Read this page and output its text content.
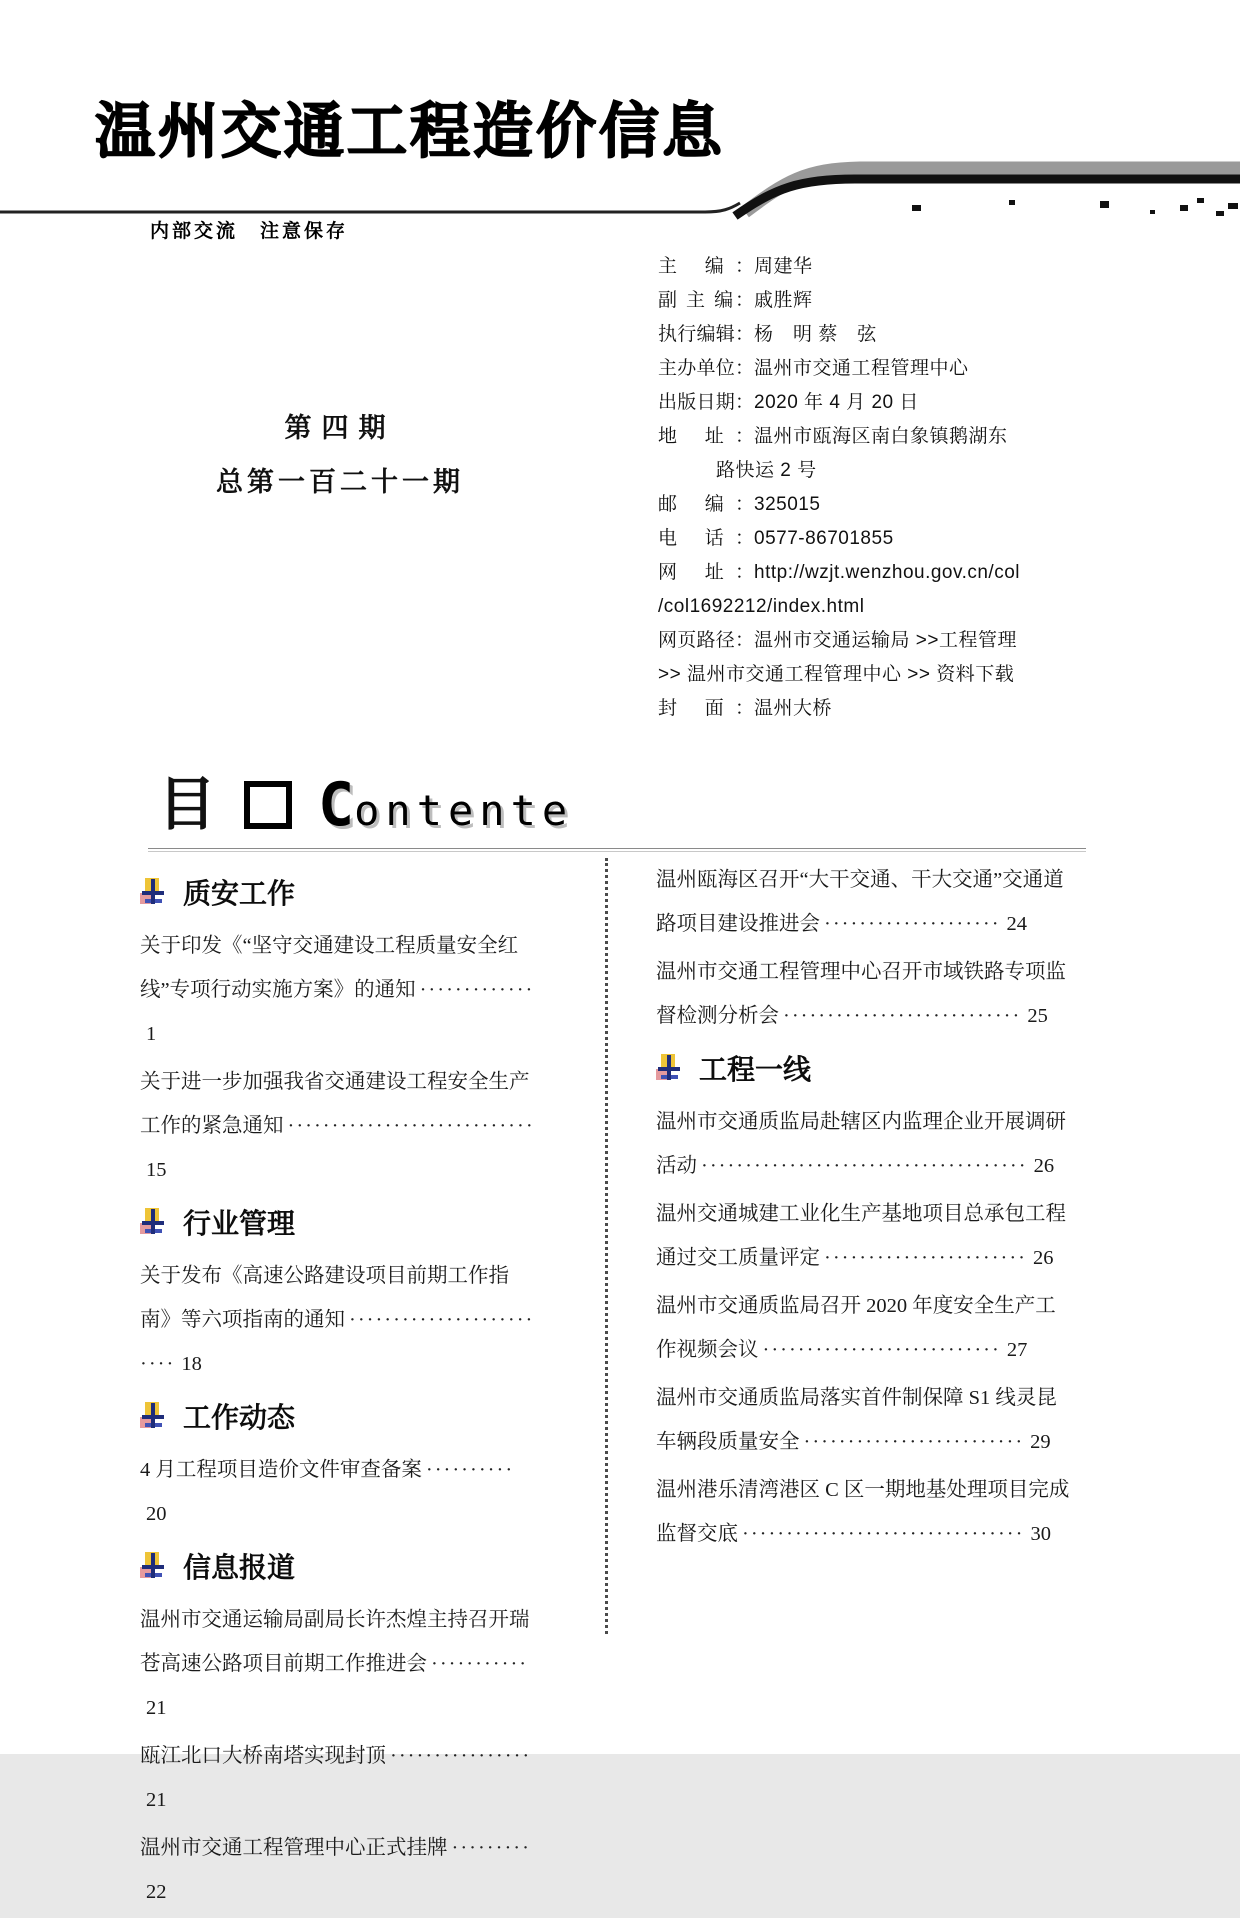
温州交通工程造价信息
内部交流　注意保存
第四期
总第一百二十一期
主 编：周建华
副 主 编：戚胜辉
执行编辑：杨　明 蔡　弦
主办单位：温州市交通工程管理中心
出版日期：2020 年 4 月 20 日
地 址：温州市瓯海区南白象镇鹅湖东
路快运 2 号
邮 编：325015
电 话：0577-86701855
网 址：http://wzjt.wenzhou.gov.cn/col
/col1692212/index.html
网页路径：温州市交通运输局 >>工程管理
>> 温州市交通工程管理中心 >> 资料下载
封 面：温州大桥
目 Contente
质安工作
关于印发《“坚守交通建设工程质量安全红线”专项行动实施方案》的通知 ·············1
关于进一步加强我省交通建设工程安全生产工作的紧急通知 ····························15
行业管理
关于发布《高速公路建设项目前期工作指南》等六项指南的通知 ························· 18
工作动态
4 月工程项目造价文件审查备案 ··········20
信息报道
温州市交通运输局副局长许杰煌主持召开瑞苍高速公路项目前期工作推进会 ···········21
瓯江北口大桥南塔实现封顶 ················21
温州市交通工程管理中心正式挂牌 ·········22
温州瓯海区召开“大干交通、干大交通”交通道路项目建设推进会 ···················· 24
温州市交通工程管理中心召开市域铁路专项监督检测分析会 ··························· 25
工程一线
温州市交通质监局赴辖区内监理企业开展调研活动 ····································· 26
温州交通城建工业化生产基地项目总承包工程通过交工质量评定 ······················· 26
温州市交通质监局召开 2020 年度安全生产工作视频会议 ··························· 27
温州市交通质监局落实首件制保障 S1 线灵昆车辆段质量安全 ························· 29
温州港乐清湾港区 C 区一期地基处理项目完成监督交底 ································ 30
